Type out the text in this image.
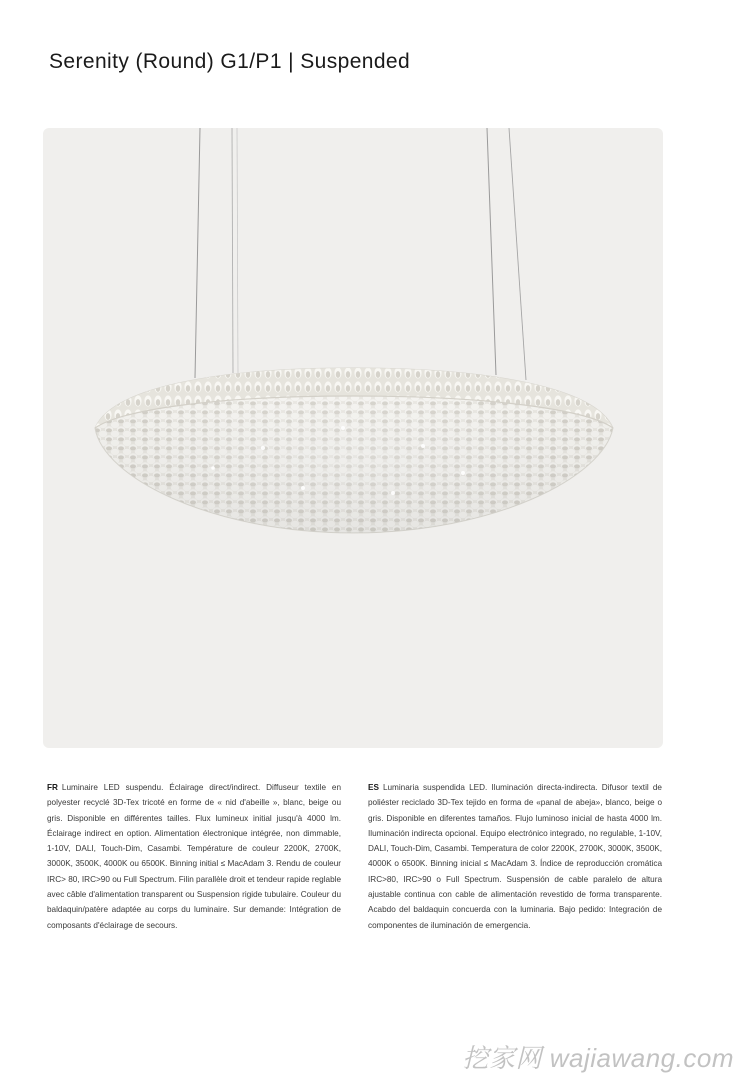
Serenity (Round) G1/P1 | Suspended
FR Luminaire LED suspendu. Éclairage direct/indirect. Diffuseur textile en polyester recyclé 3D-Tex tricoté en forme de « nid d'abeille », blanc, beige ou gris. Disponible en différentes tailles. Flux lumineux initial jusqu'à 4000 lm. Éclairage indirect en option. Alimentation électronique intégrée, non dimmable, 1-10V, DALI, Touch-Dim, Casambi. Température de couleur 2200K, 2700K, 3000K, 3500K, 4000K ou 6500K. Binning initial ≤ MacAdam 3. Rendu de couleur IRC> 80, IRC>90 ou Full Spectrum. Filin parallèle droit et tendeur rapide reglable avec câble d'alimentation transparent ou Suspension rigide tubulaire. Couleur du baldaquin/patère adaptée au corps du luminaire. Sur demande: Intégration de composants d'éclairage de secours.
ES Luminaria suspendida LED. Iluminación directa-indirecta. Difusor textil de poliéster reciclado 3D-Tex tejido en forma de «panal de abeja», blanco, beige o gris. Disponible en diferentes tamaños. Flujo luminoso inicial de hasta 4000 lm. Iluminación indirecta opcional. Equipo electrónico integrado, no regulable, 1-10V, DALI, Touch-Dim, Casambi. Temperatura de color 2200K, 2700K, 3000K, 3500K, 4000K o 6500K. Binning inicial ≤ MacAdam 3. Índice de reproducción cromática IRC>80, IRC>90 o Full Spectrum. Suspensión de cable paralelo de altura ajustable continua con cable de alimentación revestido de forma transparente. Acabdo del baldaquin concuerda con la luminaria. Bajo pedido: Integración de componentes de iluminación de emergencia.
挖家网 wajiawang.com
